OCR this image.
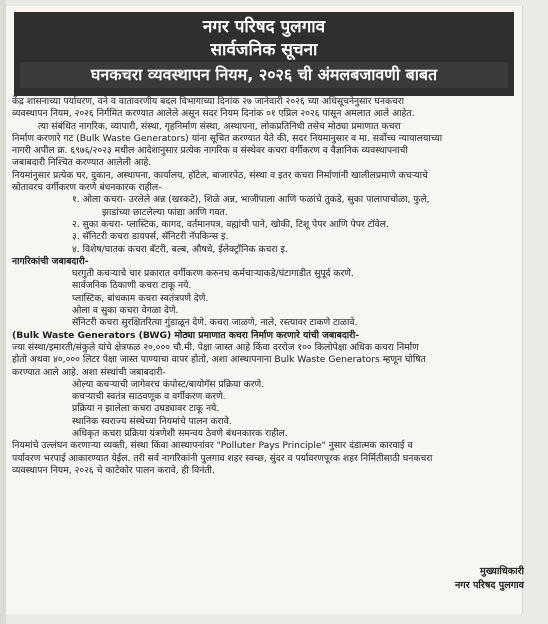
नगर परिषद पुलगाव
सार्वजनिक सूचना
घनकचरा व्यवस्थापन नियम, २०२६ ची अंमलबजावणी बाबत

केंद्र शासनाच्या पर्यावरण, वने व वातावरणीय बदल विभागाच्या दिनांक २७ जानेवारी २०२६ च्या अधिसूचनेनुसार घनकचरा

व्यवस्थापन नियम, २०२६ निर्गमित करण्यात आलेले असून सदर नियम दिनांक ०१ एप्रिल २०२६ पासून अमलात आले आहेत.

त्या संबंधित नागरिक, व्यापारी, संस्था, गृहनिर्माण संस्था, अस्थापना, लोकप्रतिनिधी तसेच मोठ्या प्रमाणात कचरा

निर्माण करणारे गट (Bulk Waste Generators) यांना सूचित करण्यात येते की, सदर नियमानुसार व मा. सर्वोच्च न्यायालयाच्या

नागरी अपील क्र. ६९७६/२०२३ मधील आदेशानुसार प्रत्येक नागरिक व संस्थेवर कचरा वर्गीकरण व वैज्ञानिक व्यवस्थापनाची

जबाबदारी निश्चित करण्यात आलेली आहे.

नियमांनुसार प्रत्येक घर, दुकान, अस्थापना, कार्यालय, हॉटेल, बाजारपेठ, संस्था व इतर कचरा निर्माणांनी खालीलप्रमाणे कचऱ्याचे

स्रोतावरच वर्गीकरण करणे बंधनकारक राहील-

१. ओला कचरा- उरलेले अन्न (खरकटे), शिळे अन्न, भाजीपाला आणि फळांचे तुकडे, सुका पालापाचोळा, फुले,

झाडांच्या छाटलेल्या फांद्या आणि गवत.

२. सुका कचरा- प्लास्टिक, कागद, वर्तमानपत्र, वह्यांची पाने, खोकी, टिशू पेपर आणि पेपर टॉवेल.

३. सॅनिटरी कचरा डायपर्स, सॅनिटरी नॅपकिन्स इ.

४. विशेष/घातक कचरा बॅटरी, बल्ब, औषधे, ईलेक्ट्रॉनिक कचरा इ.

नागरिकांची जबाबदारी-

घरगुती कचऱ्याचे चार प्रकारात वर्गीकरण करुनच कर्मचाऱ्याकडे/घंटागाडीत सुपूर्द करणे.

सार्वजनिक ठिकाणी कचरा टाकू नये.

प्लास्टिक, बांधकाम कचरा स्वतंत्रपणे देणे.

ओला व सुका कचरा वेगळा देणे.

सॅनिटरी कचरा सुरक्षितरित्या गुंडाळून देणे. कचरा जाळणे, नाले, रस्त्यावर टाकणे टाळावे.

(Bulk Waste Generators (BWG) मोठ्या प्रमाणात कचरा निर्माण करणारे यांची जबाबदारी-

ज्या संस्था/इमारती/संकुले यांचे क्षेत्रफळ २०,००० चौ.मी. पेक्षा जास्त आहे किंवा दररोज १०० किलोपेक्षा अधिक कचरा निर्माण

होतो अथवा ४०,००० लिटर पेक्षा जास्त पाण्याचा वापर होतो, अशा आस्थापनाना Bulk Waste Generators म्हणून घोषित

करण्यात आले आहे. अशा संस्थांची जबाबदारी-

ओल्या कचऱ्याची जागेवरच कंपोस्ट/बायोगॅस प्रक्रिया करणे.

कचऱ्याची स्वतंत्र साठवणूक व वर्गीकरण करणे.

प्रक्रिया न झालेला कचरा उघड्यावर टाकू नये.

स्थानिक स्वराज्य संस्थेच्या नियमांचे पालन करावे.

अधिकृत कचरा प्रक्रिया यंत्रणेशी समन्वय ठेवणे बंधनकारक राहील.

नियमांचे उल्लंघन करणाऱ्या व्यक्ती, संस्था किंवा आस्थापनांवर "Polluter Pays Principle" नुसार दंडात्मक कारवाई व

पर्यावरण भरपाई आकारण्यात येईल. तरी सर्व नागरिकांनी पुलगाव शहर स्वच्छ, सुंदर व पर्यावरणपूरक शहर निर्मितीसाठी घनकचरा

व्यवस्थापन नियम, २०२६ चे काटेकोर पालन करावे, ही विनंती.

मुख्याधिकारी
नगर परिषद पुलगाव
